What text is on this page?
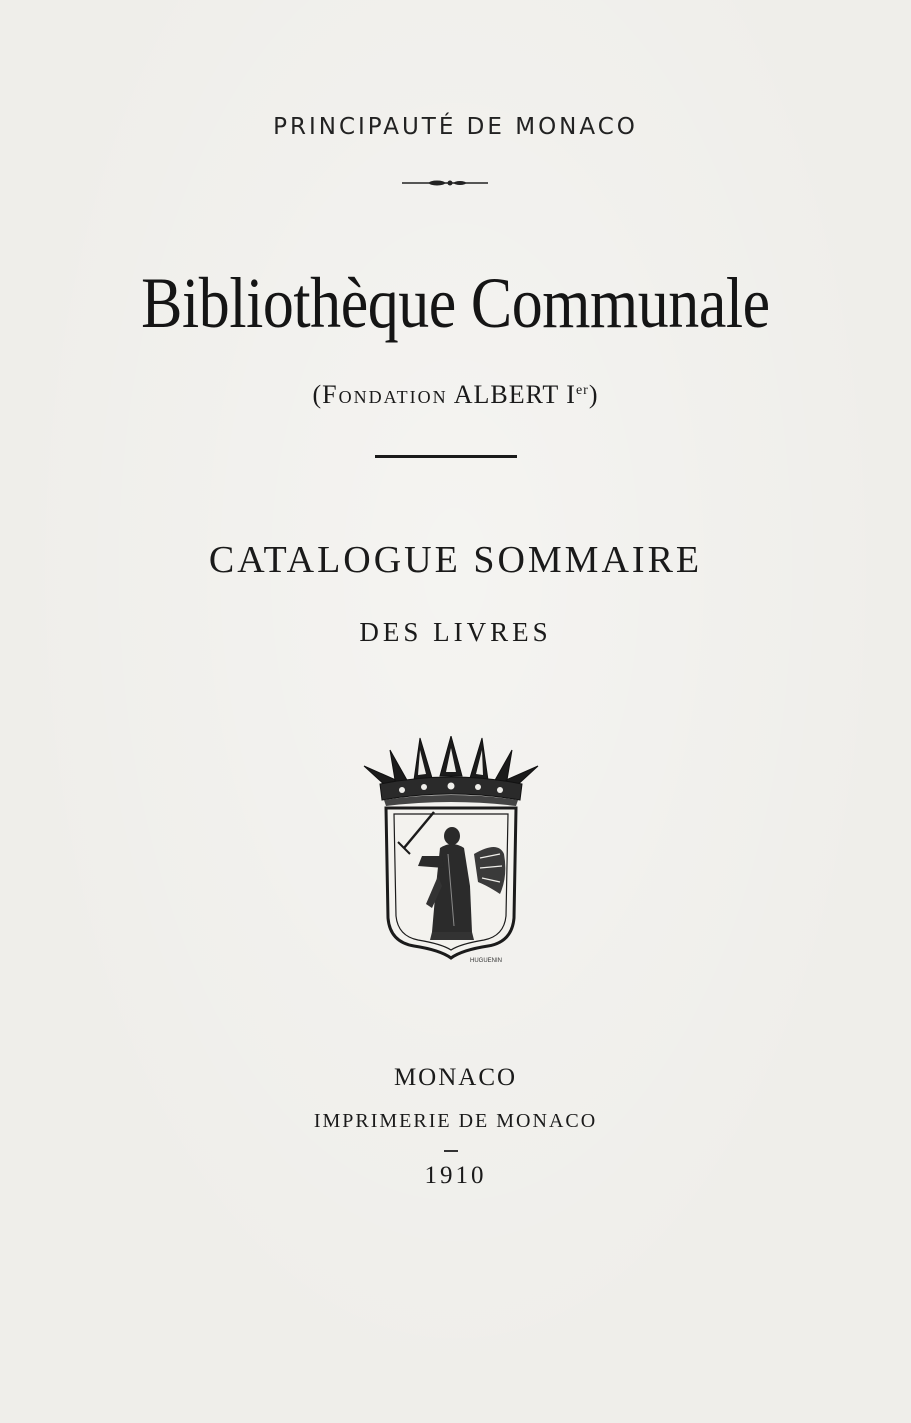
PRINCIPAUTÉ DE MONACO
Bibliothèque Communale
(Fondation ALBERT Ier)
CATALOGUE SOMMAIRE
DES LIVRES
HUGUENIN
MONACO
IMPRIMERIE DE MONACO
1910
